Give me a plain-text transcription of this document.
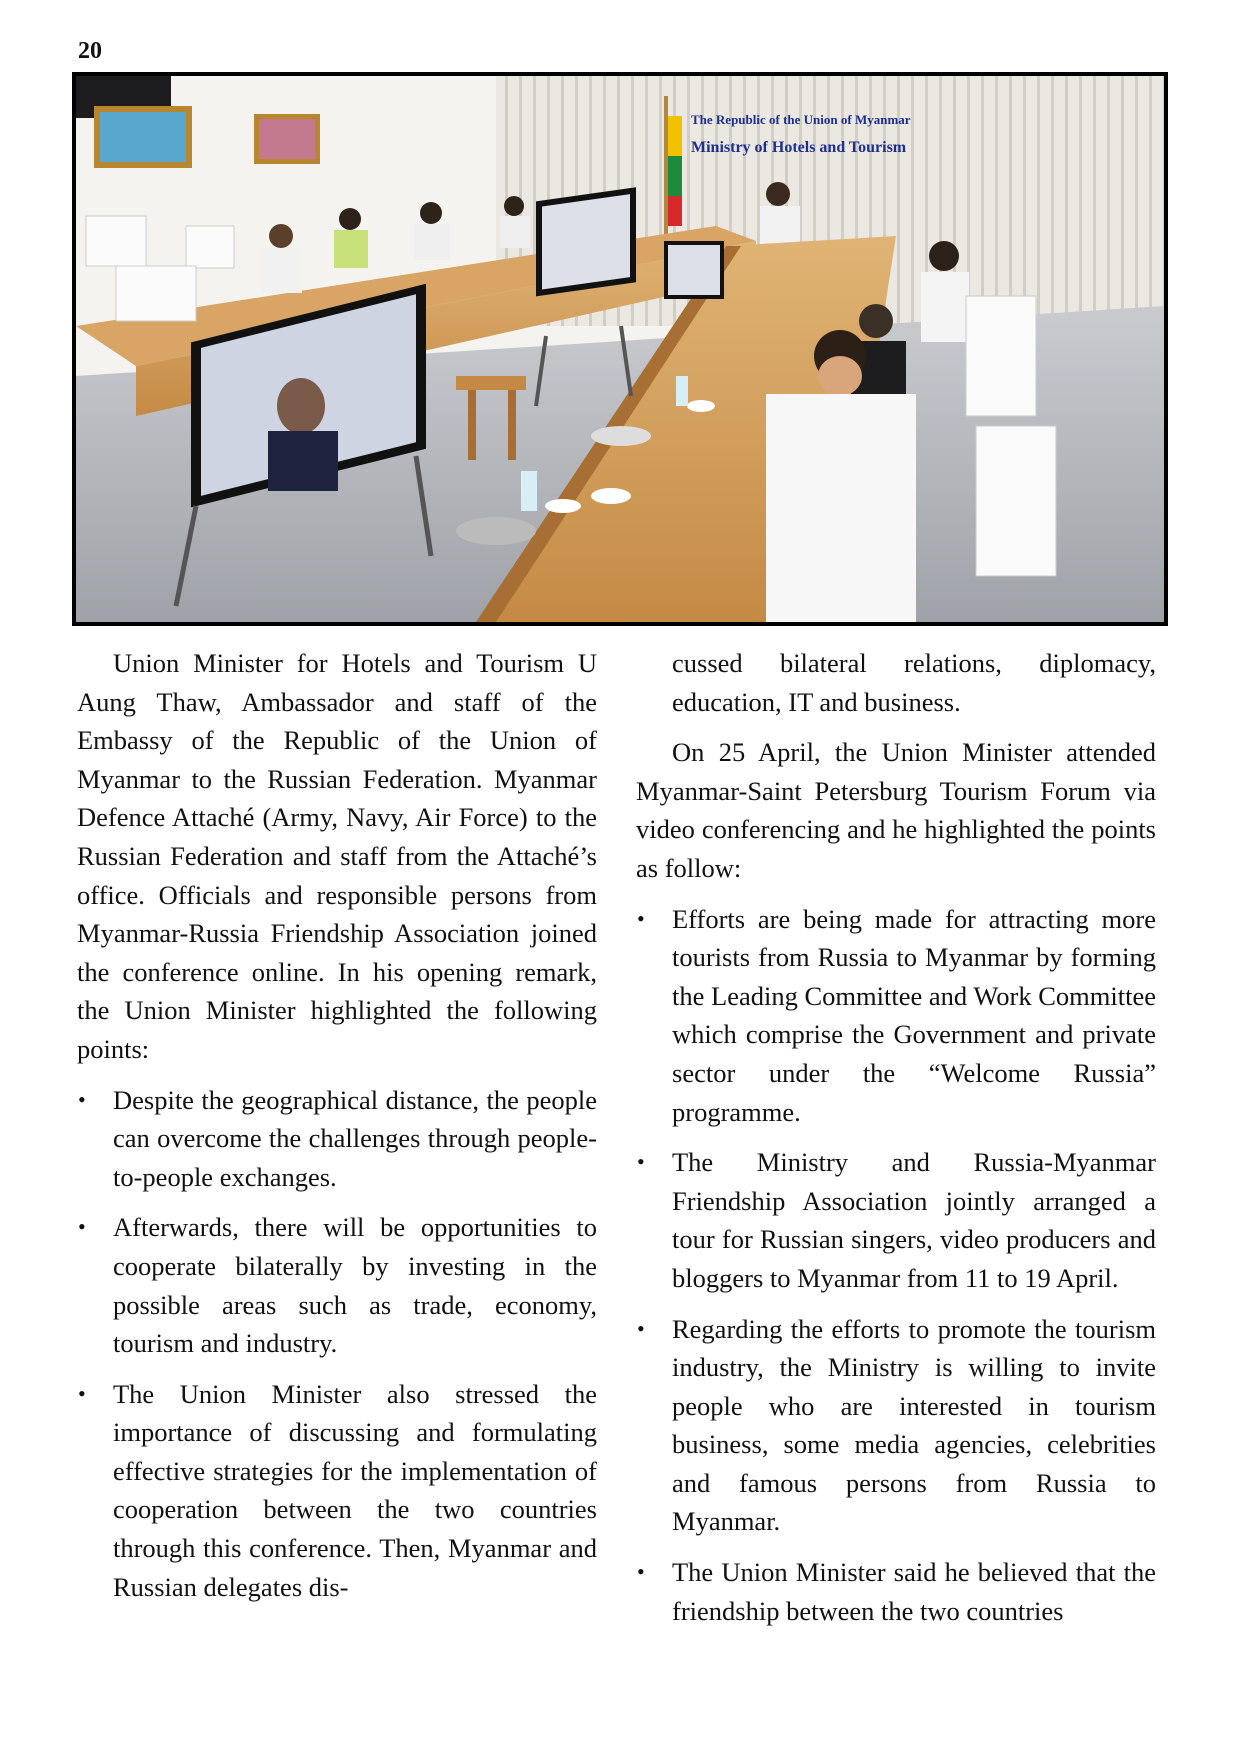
20
The Republic of the Union of Myanmar
Ministry of Hotels and Tourism

Union Minister for Hotels and Tourism U Aung Thaw, Ambassador and staff of the Embassy of the Republic of the Union of Myanmar to the Russian Federation. Myanmar Defence Attaché (Army, Navy, Air Force) to the Russian Federation and staff from the Attaché’s office. Officials and responsible persons from Myanmar-Russia Friendship Association joined the conference online. In his opening remark, the Union Minister highlighted the following points:

• Despite the geographical distance, the people can overcome the challenges through people-to-people exchanges.
• Afterwards, there will be opportunities to cooperate bilaterally by investing in the possible areas such as trade, economy, tourism and industry.
• The Union Minister also stressed the importance of discussing and formulating effective strategies for the implementation of cooperation between the two countries through this conference. Then, Myanmar and Russian delegates dis-

cussed bilateral relations, diplomacy, education, IT and business.

On 25 April, the Union Minister attended Myanmar-Saint Petersburg Tourism Forum via video conferencing and he highlighted the points as follow:

• Efforts are being made for attracting more tourists from Russia to Myanmar by forming the Leading Committee and Work Committee which comprise the Government and private sector under the “Welcome Russia” programme.
• The Ministry and Russia-Myanmar Friendship Association jointly arranged a tour for Russian singers, video producers and bloggers to Myanmar from 11 to 19 April.
• Regarding the efforts to promote the tourism industry, the Ministry is willing to invite people who are interested in tourism business, some media agencies, celebrities and famous persons from Russia to Myanmar.
• The Union Minister said he believed that the friendship between the two countries
